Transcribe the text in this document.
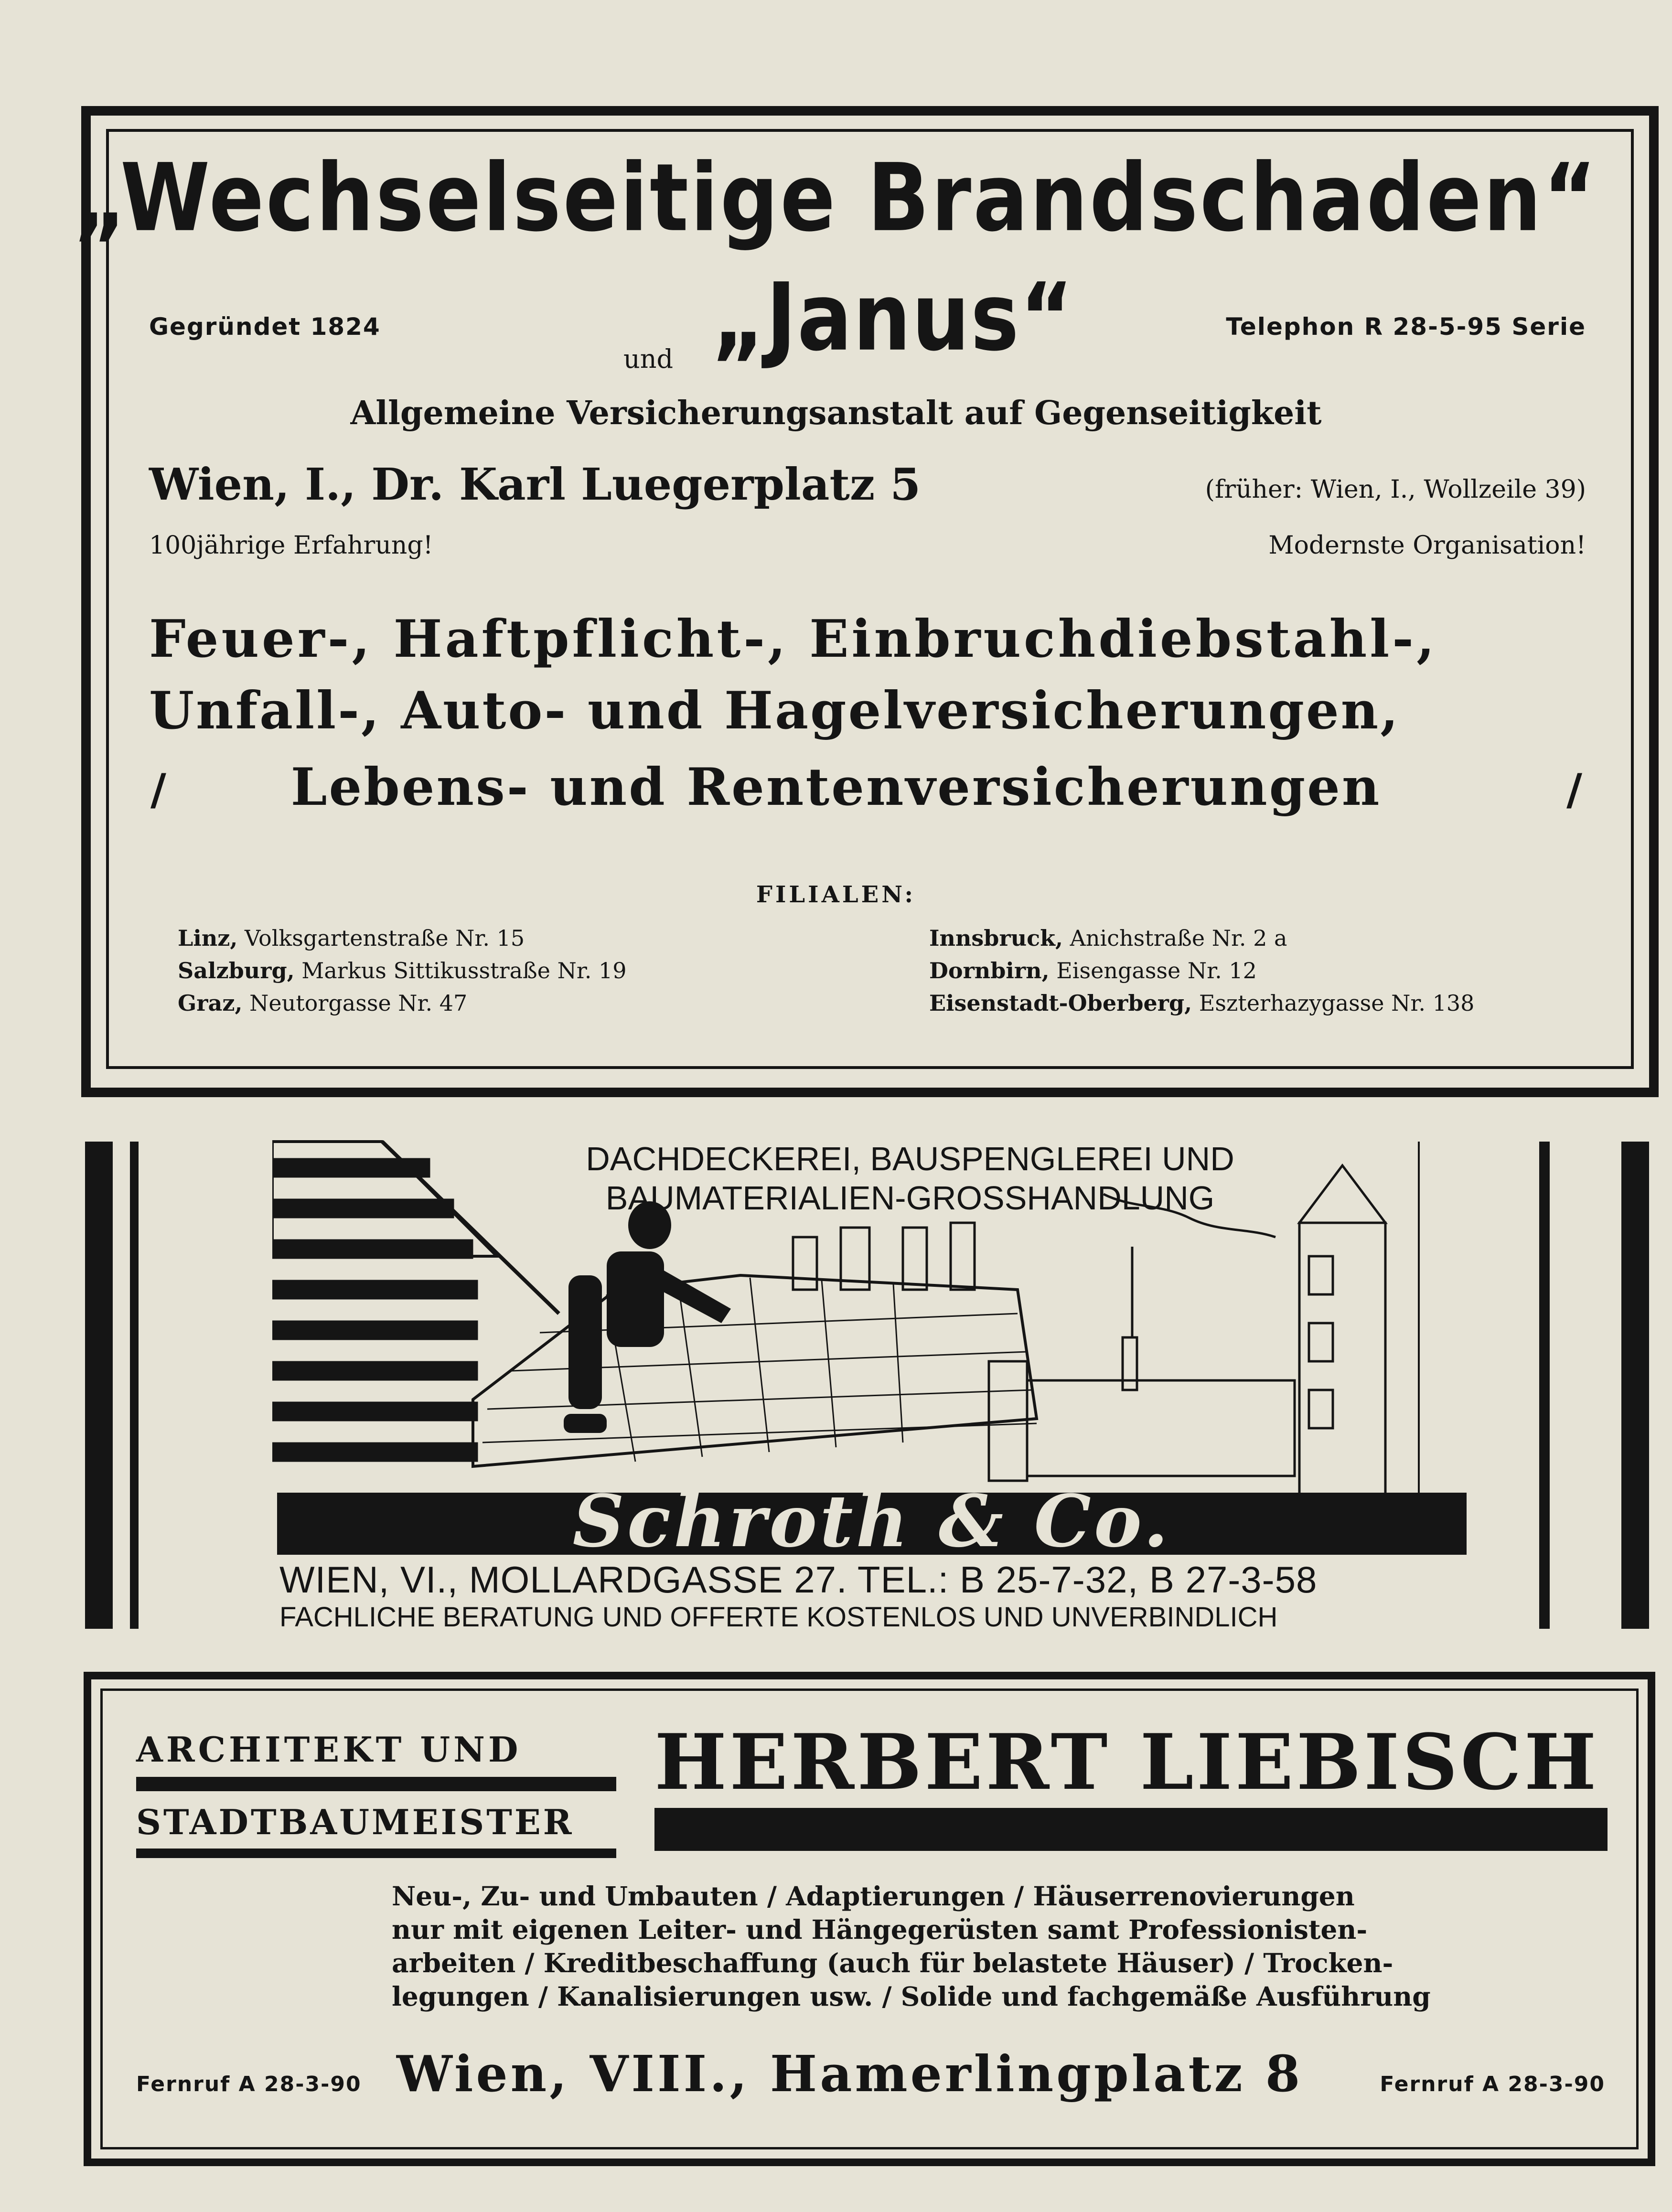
„Wechselseitige Brandschaden“
Gegründet 1824
und „Janus“	Telephon R 28-5-95 Serie
Allgemeine Versicherungsanstalt auf Gegenseitigkeit
Wien, I., Dr. Karl Luegerplatz 5	(früher: Wien, I., Wollzeile 39)
100jährige Erfahrung!	Modernste Organisation!
Feuer-, Haftpflicht-, Einbruchdiebstahl-,
Unfall-, Auto- und Hagelversicherungen,
/	Lebens- und Rentenversicherungen	/
FILIALEN:
Linz, Volksgartenstraße Nr. 15
Salzburg, Markus Sittikusstraße Nr. 19
Graz, Neutorgasse Nr. 47
Innsbruck, Anichstraße Nr. 2 a
Dornbirn, Eisengasse Nr. 12
Eisenstadt-Oberberg, Eszterhazygasse Nr. 138
DACHDECKEREI, BAUSPENGLEREI UND
BAUMATERIALIEN-GROSSHANDLUNG
Schroth & Co.
WIEN, VI., MOLLARDGASSE 27. TEL.: B 25-7-32, B 27-3-58
FACHLICHE BERATUNG UND OFFERTE KOSTENLOS UND UNVERBINDLICH
ARCHITEKT UND
STADTBAUMEISTER
HERBERT LIEBISCH
Neu-, Zu- und Umbauten / Adaptierungen / Häuserrenovierungen
nur mit eigenen Leiter- und Hängegerüsten samt Professionisten-
arbeiten / Kreditbeschaffung (auch für belastete Häuser) / Trocken-
legungen / Kanalisierungen usw. / Solide und fachgemäße Ausführung
Fernruf A 28-3-90 Wien, VIII., Hamerlingplatz 8	Fernruf A 28-3-90
